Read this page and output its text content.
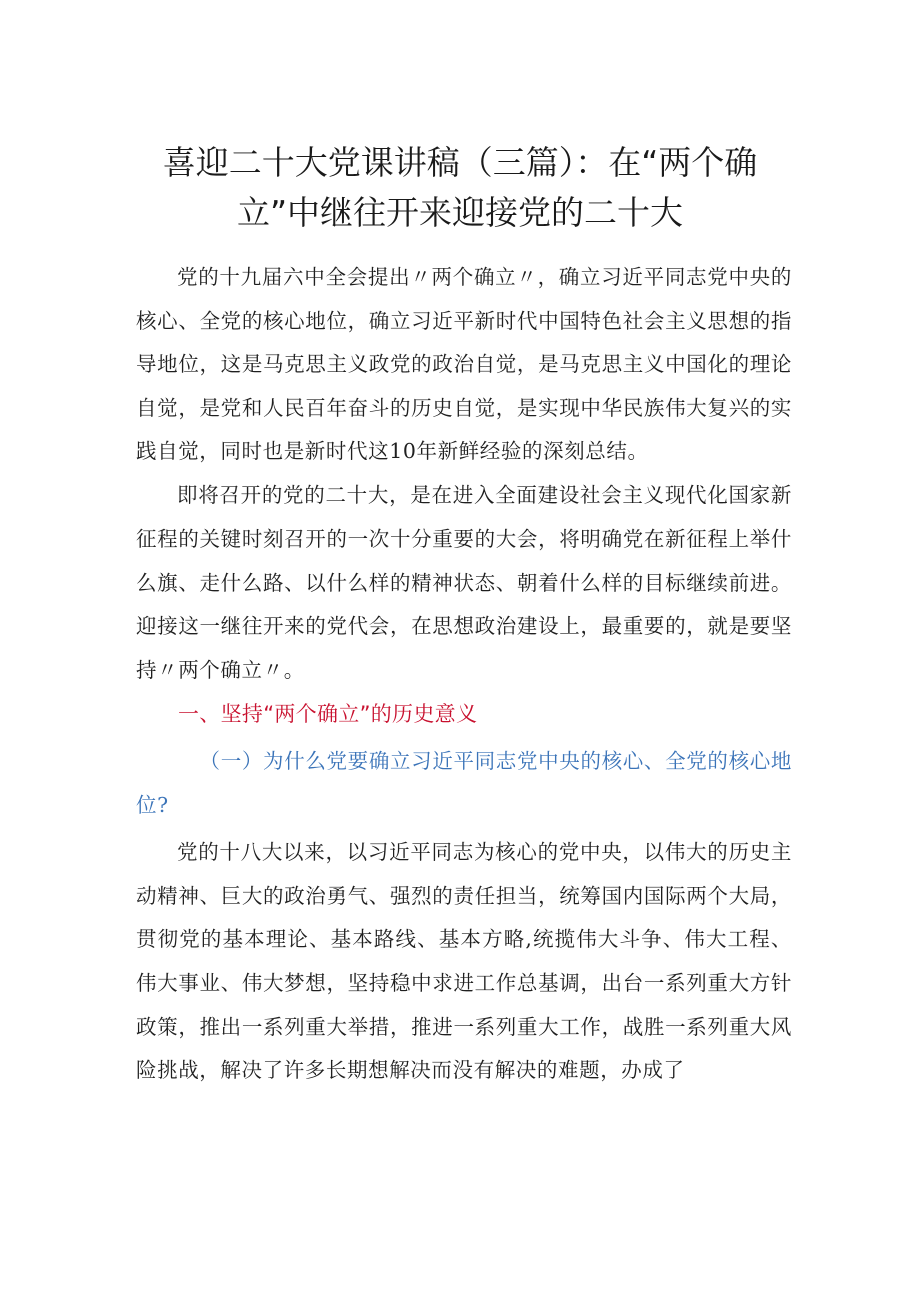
喜迎二十大党课讲稿（三篇）：在“两个确
立”中继往开来迎接党的二十大

党的十九届六中全会提出〃两个确立〃，确立习近平同志党中央的核心、全党的核心地位，确立习近平新时代中国特色社会主义思想的指导地位，这是马克思主义政党的政治自觉，是马克思主义中国化的理论自觉，是党和人民百年奋斗的历史自觉，是实现中华民族伟大复兴的实践自觉，同时也是新时代这10年新鲜经验的深刻总结。

即将召开的党的二十大，是在进入全面建设社会主义现代化国家新征程的关键时刻召开的一次十分重要的大会，将明确党在新征程上举什么旗、走什么路、以什么样的精神状态、朝着什么样的目标继续前进。迎接这一继往开来的党代会，在思想政治建设上，最重要的，就是要坚持〃两个确立〃。

一、坚持“两个确立”的历史意义

（一）为什么党要确立习近平同志党中央的核心、全党的核心地位?

党的十八大以来，以习近平同志为核心的党中央，以伟大的历史主动精神、巨大的政治勇气、强烈的责任担当，统筹国内国际两个大局，贯彻党的基本理论、基本路线、基本方略,统揽伟大斗争、伟大工程、伟大事业、伟大梦想，坚持稳中求进工作总基调，出台一系列重大方针政策，推出一系列重大举措，推进一系列重大工作，战胜一系列重大风险挑战，解决了许多长期想解决而没有解决的难题，办成了
